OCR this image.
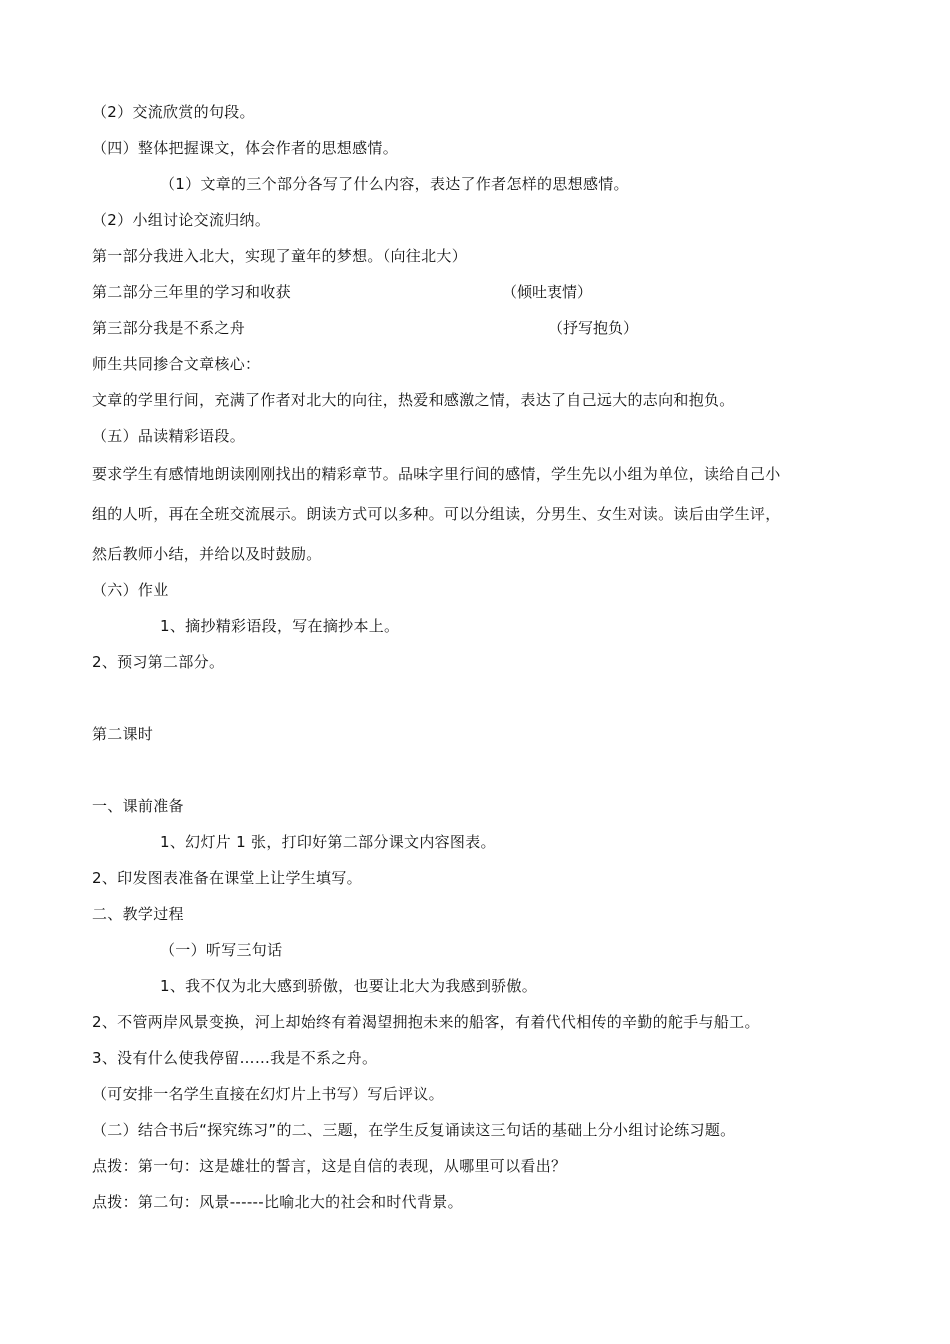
（2）交流欣赏的句段。
（四）整体把握课文，体会作者的思想感情。
（1）文章的三个部分各写了什么内容，表达了作者怎样的思想感情。
（2）小组讨论交流归纳。
第一部分我进入北大，实现了童年的梦想。（向往北大）
第二部分三年里的学习和收获	（倾吐衷情）
第三部分我是不系之舟	（抒写抱负）
师生共同掺合文章核心：
文章的学里行间，充满了作者对北大的向往，热爱和感激之情，表达了自己远大的志向和抱负。
（五）品读精彩语段。
要求学生有感情地朗读刚刚找出的精彩章节。品味字里行间的感情，学生先以小组为单位，读给自己小
组的人听，再在全班交流展示。朗读方式可以多种。可以分组读，分男生、女生对读。读后由学生评，
然后教师小结，并给以及时鼓励。
（六）作业
1、摘抄精彩语段，写在摘抄本上。
2、预习第二部分。
第二课时
一、课前准备
1、幻灯片 1 张，打印好第二部分课文内容图表。
2、印发图表准备在课堂上让学生填写。
二、教学过程
（一）听写三句话
1、我不仅为北大感到骄傲，也要让北大为我感到骄傲。
2、不管两岸风景变换，河上却始终有着渴望拥抱未来的船客，有着代代相传的辛勤的舵手与船工。
3、没有什么使我停留……我是不系之舟。
（可安排一名学生直接在幻灯片上书写）写后评议。
（二）结合书后“探究练习”的二、三题，在学生反复诵读这三句话的基础上分小组讨论练习题。
点拨：第一句：这是雄壮的誓言，这是自信的表现，从哪里可以看出？
点拨：第二句：风景------比喻北大的社会和时代背景。
